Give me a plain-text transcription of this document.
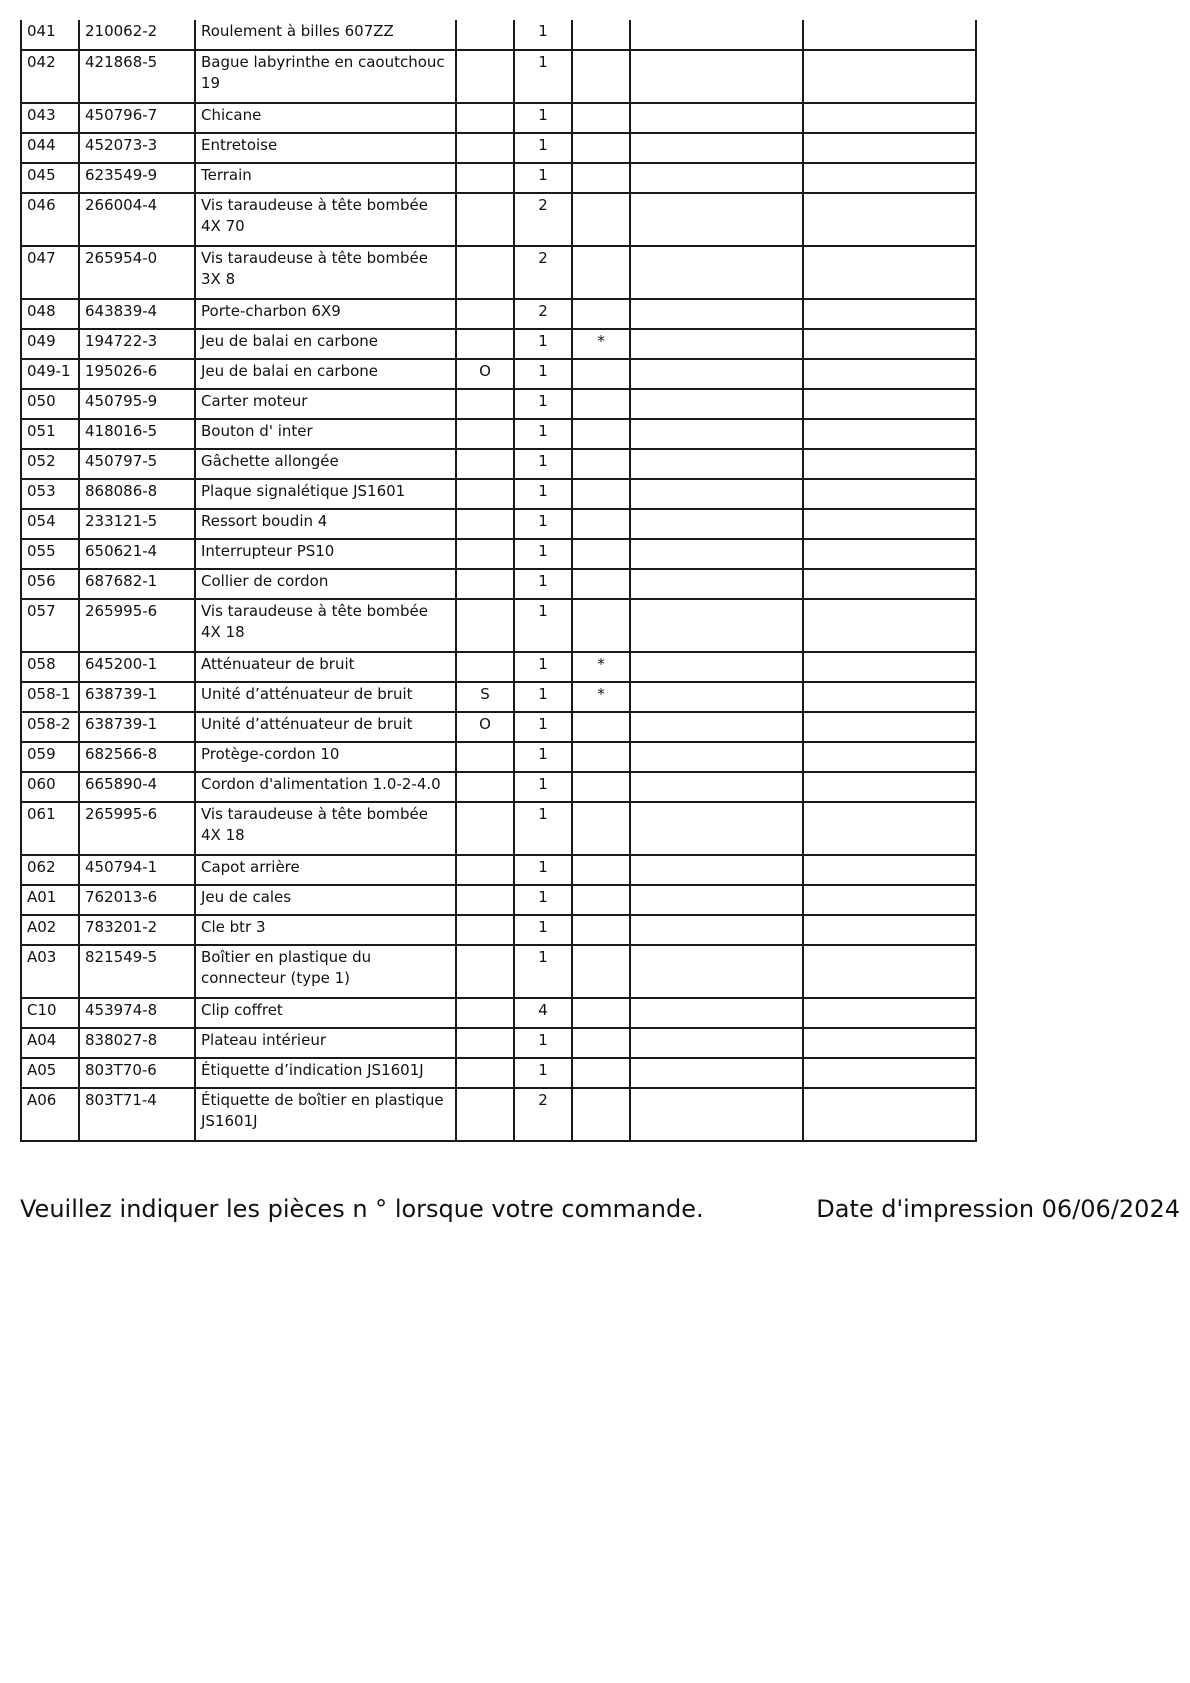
041	210062-2	Roulement à billes 607ZZ		1			
042	421868-5	Bague labyrinthe en caoutchouc 19		1			
043	450796-7	Chicane		1			
044	452073-3	Entretoise		1			
045	623549-9	Terrain		1			
046	266004-4	Vis taraudeuse à tête bombée 4X 70		2			
047	265954-0	Vis taraudeuse à tête bombée 3X 8		2			
048	643839-4	Porte-charbon 6X9		2			
049	194722-3	Jeu de balai en carbone		1	*		
049-1	195026-6	Jeu de balai en carbone	O	1			
050	450795-9	Carter moteur		1			
051	418016-5	Bouton d' inter		1			
052	450797-5	Gâchette allongée		1			
053	868086-8	Plaque signalétique JS1601		1			
054	233121-5	Ressort boudin 4		1			
055	650621-4	Interrupteur PS10		1			
056	687682-1	Collier de cordon		1			
057	265995-6	Vis taraudeuse à tête bombée 4X 18		1			
058	645200-1	Atténuateur de bruit		1	*		
058-1	638739-1	Unité d’atténuateur de bruit	S	1	*		
058-2	638739-1	Unité d’atténuateur de bruit	O	1			
059	682566-8	Protège-cordon 10		1			
060	665890-4	Cordon d'alimentation 1.0-2-4.0		1			
061	265995-6	Vis taraudeuse à tête bombée 4X 18		1			
062	450794-1	Capot arrière		1			
A01	762013-6	Jeu de cales		1			
A02	783201-2	Cle btr 3		1			
A03	821549-5	Boîtier en plastique du connecteur (type 1)		1			
C10	453974-8	Clip coffret		4			
A04	838027-8	Plateau intérieur		1			
A05	803T70-6	Étiquette d’indication JS1601J		1			
A06	803T71-4	Étiquette de boîtier en plastique JS1601J		2			
Veuillez indiquer les pièces n ° lorsque votre commande.	Date d'impression 06/06/2024
